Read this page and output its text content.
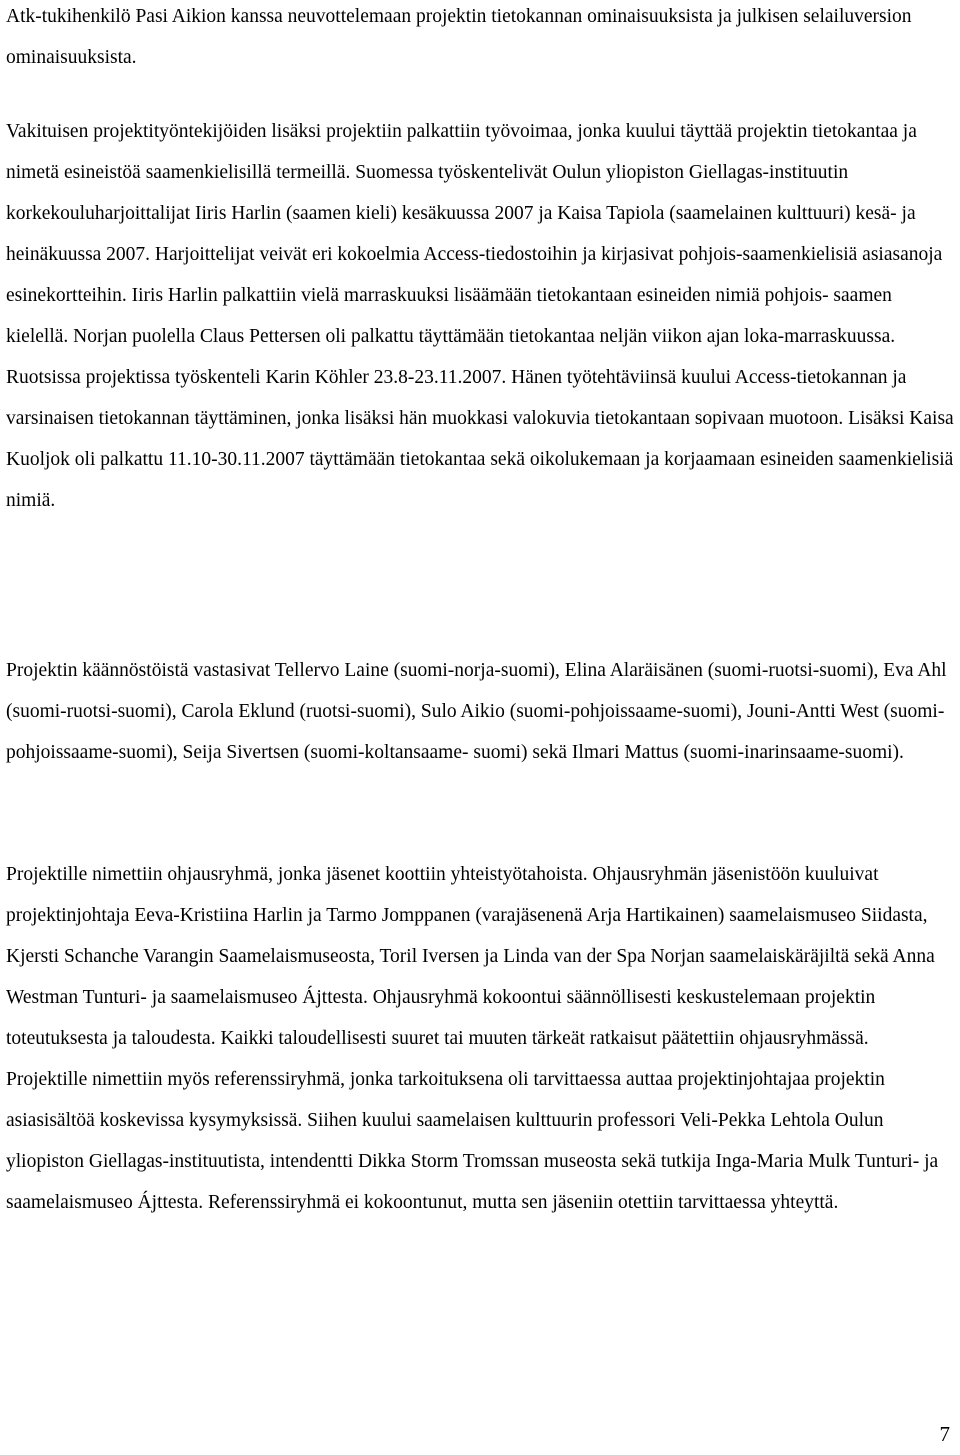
Atk-tukihenkilö Pasi Aikion kanssa neuvottelemaan projektin tietokannan ominaisuuksista ja julkisen selailuversion ominaisuuksista.

Vakituisen projektityöntekijöiden lisäksi projektiin palkattiin työvoimaa, jonka kuului täyttää projektin tietokantaa ja nimetä esineistöä saamenkielisillä termeillä. Suomessa työskentelivät Oulun yliopiston Giellagas-instituutin korkekouluharjoittalijat Iiris Harlin (saamen kieli) kesäkuussa 2007 ja Kaisa Tapiola (saamelainen kulttuuri) kesä- ja heinäkuussa 2007. Harjoittelijat veivät eri kokoelmia Access-tiedostoihin ja kirjasivat pohjois-saamenkielisiä asiasanoja esinekortteihin. Iiris Harlin palkattiin vielä marraskuuksi lisäämään tietokantaan esineiden nimiä pohjois- saamen kielellä. Norjan puolella Claus Pettersen oli palkattu täyttämään tietokantaa neljän viikon ajan loka-marraskuussa. Ruotsissa projektissa työskenteli Karin Köhler 23.8-23.11.2007. Hänen työtehtäviinsä kuului Access-tietokannan ja varsinaisen tietokannan täyttäminen, jonka lisäksi hän muokkasi valokuvia tietokantaan sopivaan muotoon. Lisäksi Kaisa Kuoljok oli palkattu 11.10-30.11.2007 täyttämään tietokantaa sekä oikolukemaan ja korjaamaan esineiden saamenkielisiä nimiä.

Projektin käännöstöistä vastasivat Tellervo Laine (suomi-norja-suomi), Elina Alaräisänen (suomi-ruotsi-suomi), Eva Ahl (suomi-ruotsi-suomi), Carola Eklund (ruotsi-suomi), Sulo Aikio (suomi-pohjoissaame-suomi), Jouni-Antti West (suomi-pohjoissaame-suomi), Seija Sivertsen (suomi-koltansaame- suomi) sekä Ilmari Mattus (suomi-inarinsaame-suomi).

Projektille nimettiin ohjausryhmä, jonka jäsenet koottiin yhteistyötahoista. Ohjausryhmän jäsenistöön kuuluivat projektinjohtaja Eeva-Kristiina Harlin ja Tarmo Jomppanen (varajäsenenä Arja Hartikainen) saamelaismuseo Siidasta, Kjersti Schanche Varangin Saamelaismuseosta, Toril Iversen ja Linda van der Spa Norjan saamelaiskäräjiltä sekä Anna Westman Tunturi- ja saamelaismuseo Ájttesta. Ohjausryhmä kokoontui säännöllisesti keskustelemaan projektin toteutuksesta ja taloudesta. Kaikki taloudellisesti suuret tai muuten tärkeät ratkaisut päätettiin ohjausryhmässä. Projektille nimettiin myös referenssiryhmä, jonka tarkoituksena oli tarvittaessa auttaa projektinjohtajaa projektin asiasisältöä koskevissa kysymyksissä. Siihen kuului saamelaisen kulttuurin professori Veli-Pekka Lehtola Oulun yliopiston Giellagas-instituutista, intendentti Dikka Storm Tromssan museosta sekä tutkija Inga-Maria Mulk Tunturi- ja saamelaismuseo Ájttesta. Referenssiryhmä ei kokoontunut, mutta sen jäseniin otettiin tarvittaessa yhteyttä.

7
